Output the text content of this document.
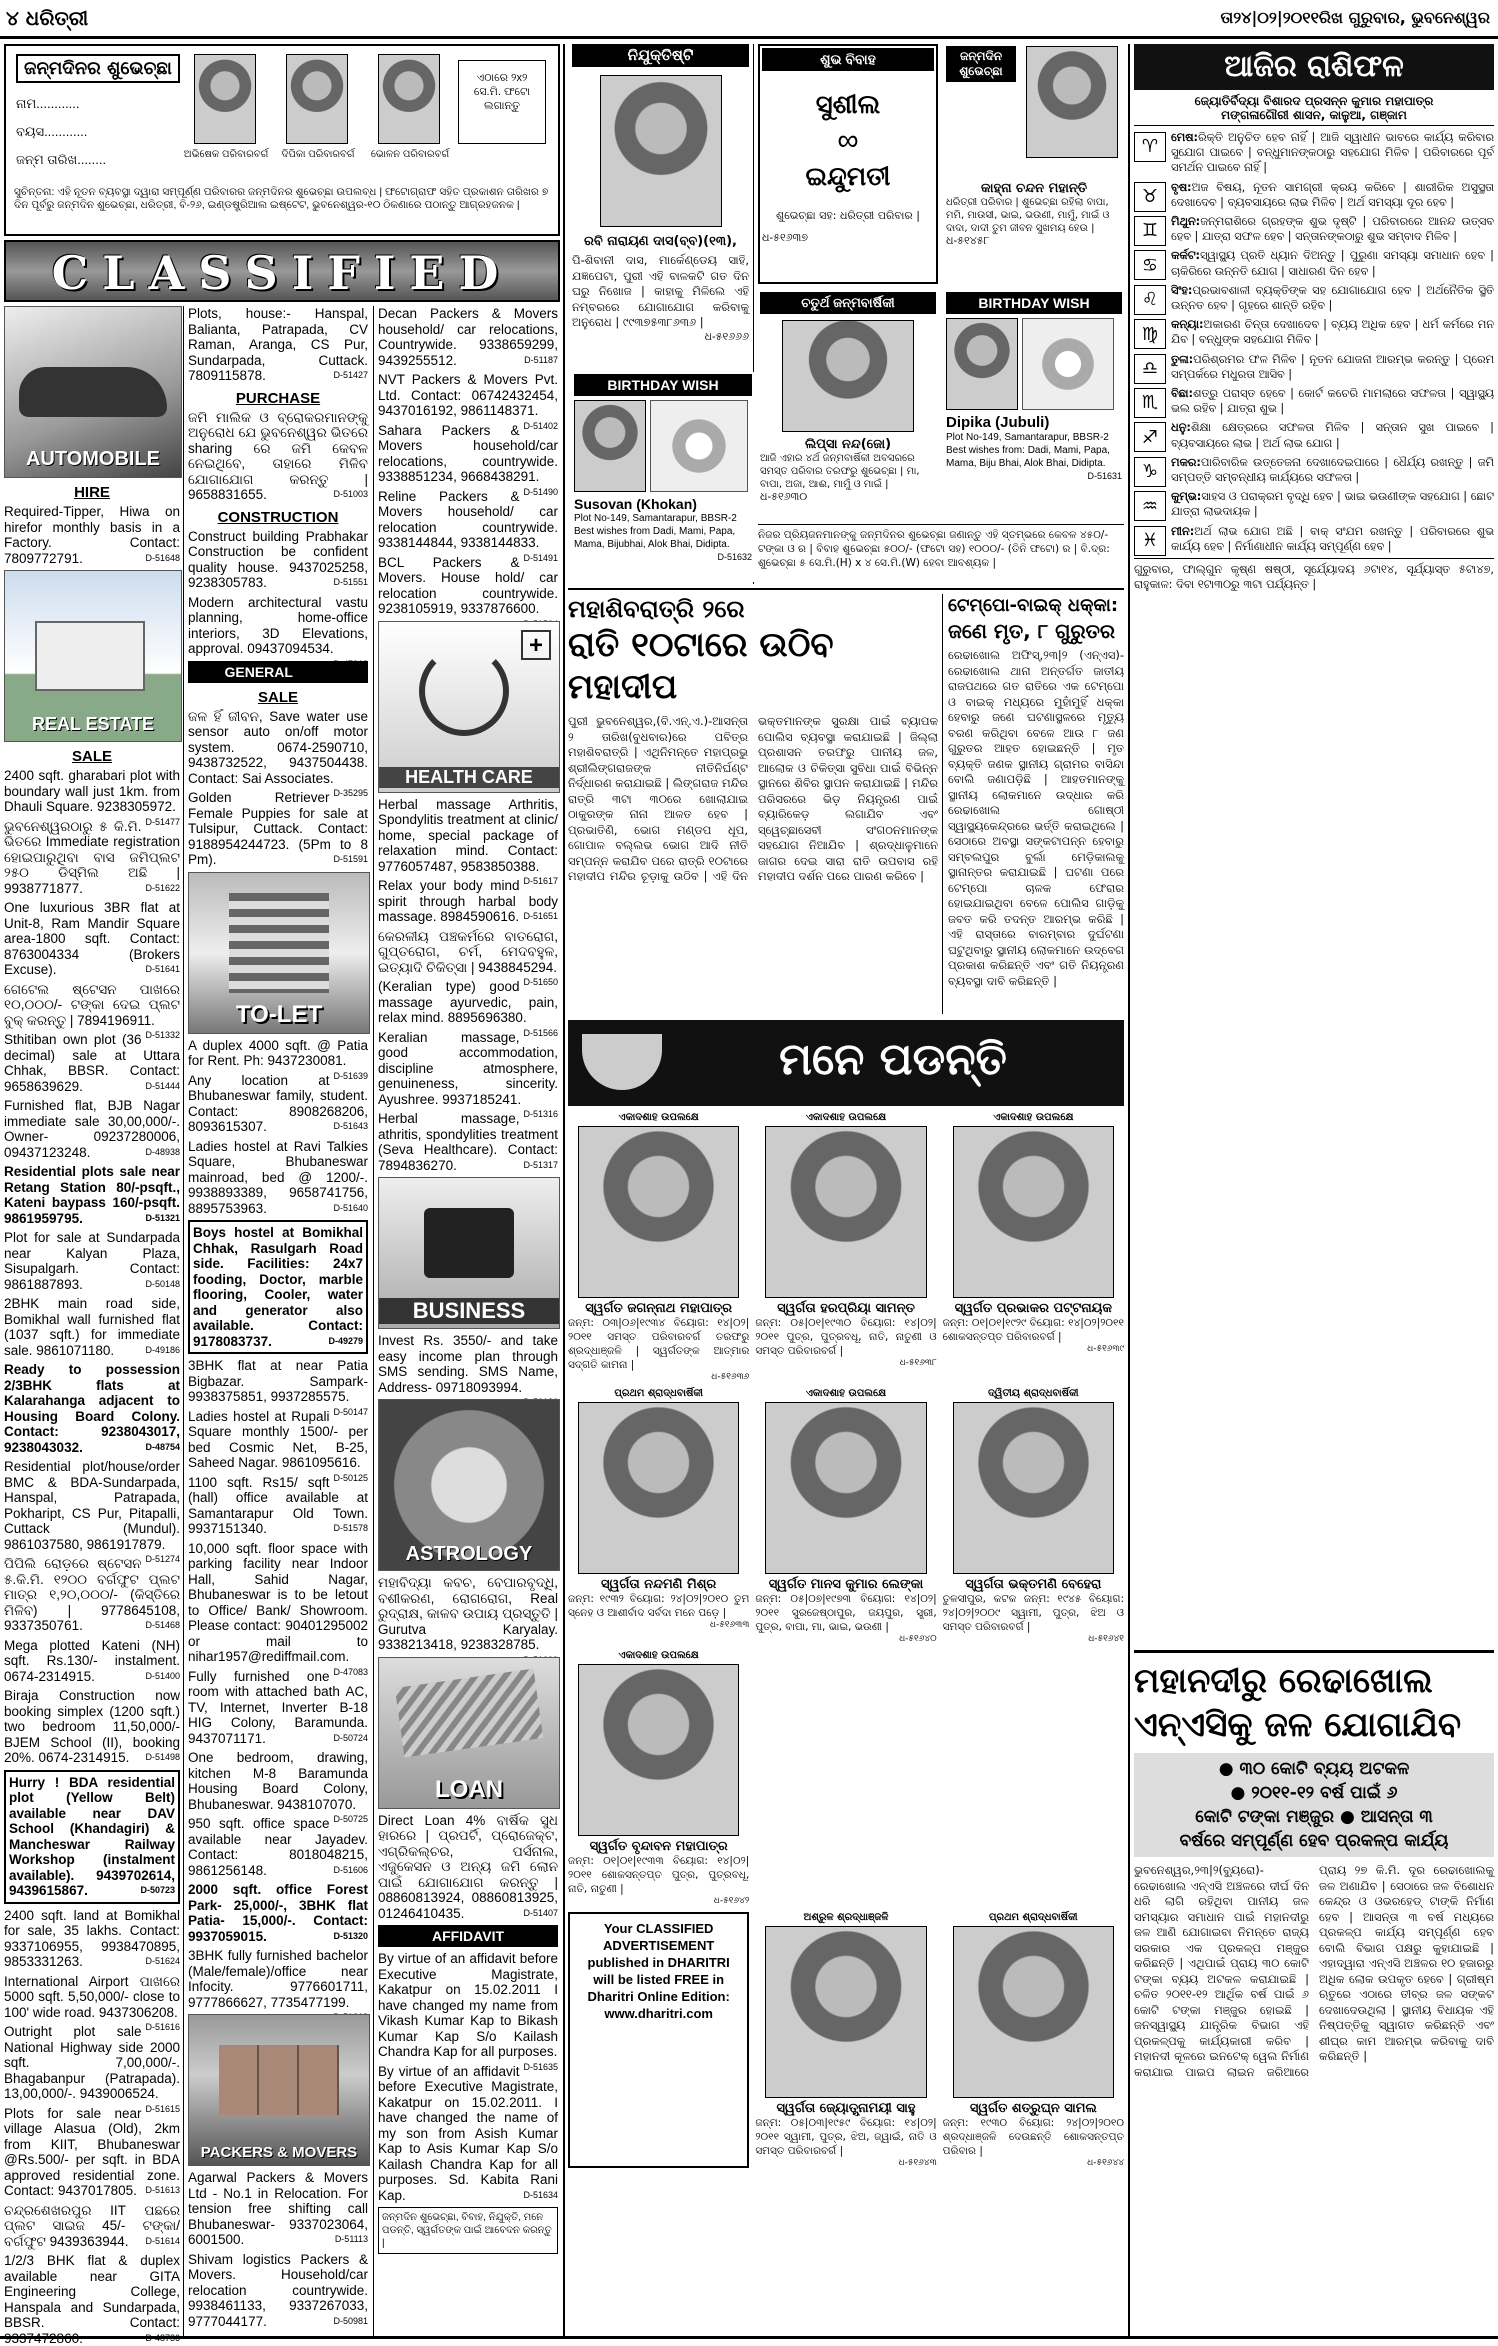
୪ ଧରିତ୍ରୀ	ତା୨୪|୦୨|୨୦୧୧ରିଖ ଗୁରୁବାର, ଭୁବନେଶ୍ୱର
ଜନ୍ମଦିନର ଶୁଭେଚ୍ଛା
ନାମ............
ବୟସ............
ଜନ୍ମ ତାରିଖ........	ଅଭିଷେକ ପରିବାରବର୍ଗ	ଦିପିକା ପରିବାରବର୍ଗ	ଭୋଳନ ପରିବାରବର୍ଗ
ଏଠାରେ ୨x୨ ସେ.ମି. ଫଟୋ ଲଗାନ୍ତୁ
ସୁଚିନ୍ତନା: ଏହି ନୂତନ ବ୍ୟବସ୍ଥା ଦ୍ୱାରା ସମ୍ପୂର୍ଣ୍ଣ ପରିବାରର ଜନ୍ମଦିନର ଶୁଭେଚ୍ଛା ଉପଲବ୍ଧ | ଫଟୋଗ୍ରାଫ ସହିତ ପ୍ରକାଶନ ତାରିଖର ୭ ଦିନ ପୂର୍ବରୁ ଜନ୍ମଦିନ ଶୁଭେଚ୍ଛା, ଧରିତ୍ରୀ, ବି-୨୬, ଇଣ୍ଡଷ୍ଟ୍ରିଆଲ ଇଷ୍ଟେଟ, ଭୁବନେଶ୍ୱର-୧୦ ଠିକଣାରେ ପଠାନ୍ତୁ ଆଗ୍ରହଜନକ |
CLASSIFIED
AUTOMOBILE
HIRE
Required-Tipper, Hiwa on hirefor monthly basis in a Factory. Contact: 7809772791.	D-51648
REAL ESTATE
SALE
2400 sqft. gharabari plot with boundary wall just 1km. from Dhauli Square. 9238305972.
D-51477
ଭୁବନେଶ୍ୱରଠାରୁ ୫ କି.ମି. ଭିତରେ Immediate registration ହୋଇପାରୁଥିବା ବାସ ଜମିପ୍ଲଟ ୨୫୦ ଡିସ୍ମିଲ ଅଛି | 9938771877.	D-51622
One luxurious 3BR flat at Unit-8, Ram Mandir Square area-1800 sqft. Contact: 8763004334 (Brokers Excuse).	D-51641
ଗେଟେଲ ଷ୍ଟେସନ ପାଖରେ ୧୦,୦୦୦/- ଟଙ୍କା ଦେଇ ପ୍ଲଟ ବୁକ୍ କରନ୍ତୁ | 7894196911.
D-51332
Sthitiban own plot (36 decimal) sale at Uttara Chhak, BBSR. Contact: 9658639629.	D-51444
Furnished flat, BJB Nagar immediate sale 30,00,000/-. Owner- 09237280006, 09437123248.	D-48938
Residential plots sale near Retang Station 80/-psqft., Kateni baypass 160/-psqft. 9861959795.	D-51321
Plot for sale at Sundarpada near Kalyan Plaza, Sisupalgarh. Contact: 9861887893.	D-50148
2BHK main road side, Bomikhal wall furnished flat (1037 sqft.) for immediate sale. 9861071180.	D-49186
Ready to possession 2/3BHK flats at Kalarahanga adjacent to Housing Board Colony. Contact: 9238043017, 9238043032.	D-48754
Residential plot/house/order BMC & BDA-Sundarpada, Hanspal, Patrapada, Pokhaript, CS Pur, Pitapalli, Cuttack (Mundul). 9861037580, 9861917879.
D-51274
ପିପିଲି ରୋଡ଼ରେ ଷ୍ଟେସନ ୫.କି.ମି. ୧୨୦୦ ବର୍ଗଫୁଟ ପ୍ଲଟ ମାତ୍ର ୧,୨୦,୦୦୦/- (କିସ୍ତିରେ ମିଳିବ) | 9778645108, 9337350761.	D-51468
Mega plotted Kateni (NH) sqft. Rs.130/- instalment. 0674-2314915.	D-51400
Biraja Construction now booking simplex (1200 sqft.) two bedroom 11,50,000/- BJEM School (II), booking 20%. 0674-2314915. D-51498
Hurry ! BDA residential plot (Yellow Belt) available near DAV School (Khandagiri) & Mancheswar Railway Workshop (instalment available). 9439702614, 9439615867.	D-50723
2400 sqft. land at Bomikhal for sale, 35 lakhs. Contact: 9337106955, 9938470895, 9853331263.	D-51624
International Airport ପାଖରେ 5000 sqft. 5,50,000/- close to 100' wide road. 9437306208.
D-51616
Outright plot sale National Highway side 2000 sqft. 7,00,000/-. Bhagabanpur (Patrapada). 13,00,000/-. 9439006524.
D-51615
Plots for sale near village Alasua (Old), 2km from KIIT, Bhubaneswar @Rs.500/- per sqft. in BDA approved residential zone. Contact: 9437017805. D-51613
ଚନ୍ଦ୍ରଶେଖରପୁର IIT ପଛରେ ପ୍ଲଟ ସାଇଜ 45/- ଟଙ୍କା/ବର୍ଗଫୁଟ 9439363944. D-51614
1/2/3 BHK flat & duplex available near GITA Engineering College, Hanspala and Sundarpada, BBSR. Contact:
Plots, house:- Hanspal, Balianta, Patrapada, CV Raman, Aranga, CS Pur, Sundarpada, Cuttack. 7809115878.	D-51427
PURCHASE
ଜମି ମାଲିକ ଓ ବ୍ରୋକରମାନଙ୍କୁ ଅନୁରୋଧ ଯେ ଭୁବନେଶ୍ୱର ଭିତରେ sharing ରେ ଜମି କେବଳ ନେଇଥିବେ, ତାହାରେ ମିଳିବ ଯୋଗାଯୋଗ କରନ୍ତୁ | 9658831655.	D-51003
CONSTRUCTION
Construct building Prabhakar Construction be confident quality house. 9437025258, 9238305783.	D-51551
Modern architectural vastu planning, home-office interiors, 3D Elevations, approval. 09437094534.
D-47313
GENERAL
SALE
ଜଳ ହିଁ ଜୀବନ, Save water use sensor auto on/off motor system. 0674-2590710, 9438732522, 9437504438. Contact: Sai Associates.
D-35295
Golden Retriever Female Puppies for sale at Tulsipur, Cuttack. Contact: 9188954244723. (5Pm to 8 Pm).	D-51591
TO-LET
A duplex 4000 sqft. @ Patia for Rent. Ph: 9437230081.
D-51639
Any location at Bhubaneswar family, student. Contact: 8908268206, 8093615307.	D-51643
Ladies hostel at Ravi Talkies Square, Bhubaneswar mainroad, bed @ 1200/-. 9938893389, 9658741756, 8895753963.	D-51640
Boys hostel at Bomikhal Chhak, Rasulgarh Road side. Facilities: 24x7 fooding, Doctor, marble flooring, Cooler, water and generator also available. Contact: 9178083737.	D-49279
3BHK flat at near Patia Bigbazar. Sampark- 9938375851, 9937285575.
D-50147
Ladies hostel at Rupali Square monthly 1500/- per bed Cosmic Net, B-25, Saheed Nagar. 9861095616.
D-50125
1100 sqft. Rs15/ sqft (hall) office available at Samantarapur Old Town. 9937151340.	D-51578
10,000 sqft. floor space with parking facility near Indoor Hall, Sahid Nagar, Bhubaneswar is to be letout to Office/ Bank/ Showroom. Please contact: 90401295002 or mail to nihar1957@rediffmail.com.
D-47083
Fully furnished one room with attached bath AC, TV, Internet, Inverter B-18 HIG Colony, Baramunda. 9437071171.	D-50724
One bedroom, drawing, kitchen M-8 Baramunda Housing Board Colony, Bhubaneswar. 9438107070.
D-50725
950 sqft. office space available near Jayadev. Contact: 8018048215, 9861256148.	D-51606
2000 sqft. office Forest Park- 25,000/-, 3BHK flat Patia- 15,000/-. Contact: 9937059015.	D-51320
3BHK fully furnished bachelor (Male/female)/office near Infocity. 9776601711, 9777866627, 7735477199.
PACKERS & MOVERS
Agarwal Packers & Movers Ltd - No.1 in Relocation. For tension free shifting call Bhubaneswar- 9337023064, 6001500.	D-51113
Shivam logistics Packers & Movers. Household/car relocation countrywide. 9938461133, 9337267033, 9777044177.	D-50981
Decan Packers & Movers household/ car relocations, Countrywide. 9338659299, 9439255512.	D-51187
NVT Packers & Movers Pvt. Ltd. Contact: 06742432454, 9437016192, 9861148371.
D-51402
Sahara Packers & Movers household/car relocations, countrywide. 9338851234, 9668438291.
D-51490
Reline Packers & Movers household/ car relocation countrywide. 9338144844, 9338144833.
D-51491
BCL Packers & Movers. House hold/ car relocation countrywide. 9238105919, 9337876600.
+
HEALTH CARE
Herbal massage Arthritis, Spondylitis treatment at clinic/ home, special package of relaxation mind. Contact: 9776057487, 9583850388.
D-51617
Relax your body mind spirit through harbal body massage. 8984590616. D-51651
କେରଳୀୟ ପଞ୍ଚକର୍ମରେ ବାତରୋଗ, ଗୁପ୍ତରୋଗ, ଚର୍ମ, ମେଦବହୁଳ, ଇତ୍ୟାଦି ଚିକିତ୍ସା | 9438845294.
D-51650
(Keralian type) good massage ayurvedic, pain, relax mind. 8895696380.
D-51566
Keralian massage, good accommodation, discipline atmosphere, genuineness, sincerity. Ayushree. 9937185241.
D-51316
Herbal massage, athritis, spondylities treatment (Seva Healthcare). Contact: 7894836270.	D-51317
BUSINESS
Invest Rs. 3550/- and take easy income plan through SMS sending. SMS Name, Address- 09718093994.
ASTROLOGY
ମହାବିଦ୍ୟା କବଚ, ବେପାରବୃଦ୍ଧି, ବଶୀକରଣ, ରୋଗରୋଗ, Real ରୁଦ୍ରାକ୍ଷ, କାଳବ ଉପାୟ ପ୍ରସ୍ତୁତି | Gurutva Karyalay. 9338213418, 9238328785.
LOAN
Direct Loan 4% ବାର୍ଷିକ ସୁଧ ହାରରେ | ପ୍ରପର୍ଟି, ପ୍ରୋଜେକ୍ଟ, ଏଗ୍ରିକଲ୍ଚର, ପର୍ସନାଲ, ଏଜୁକେସନ ଓ ଅନ୍ୟ ଜମି ଲୋନ ପାଇଁ ଯୋଗାଯୋଗ କରନ୍ତୁ | 08860813924, 08860813925, 01246410435.	D-51407
AFFIDAVIT
By virtue of an affidavit before Executive Magistrate, Kakatpur on 15.02.2011 I have changed my name from Vikash Kumar Kap to Bikash Kumar Kap S/o Kailash Chandra Kap for all purposes.
D-51635
By virtue of an affidavit before Executive Magistrate, Kakatpur on 15.02.2011. I have changed the name of my son from Asish Kumar Kap to Asis Kumar Kap S/o Kailash Chandra Kap for all purposes. Sd. Kabita Rani Kap.	D-51634
ଜନ୍ମଦିନ ଶୁଭେଚ୍ଛା, ବିବାହ, ନିଯୁକ୍ତି, ମନେ ପଡନ୍ତି, ସ୍ୱର୍ଗତଙ୍କ ପାଇଁ ଆବେଦନ କରନ୍ତୁ |
ନିଯୁକ୍ତିଷ୍ଟି
ରବି ନାରାୟଣ ଦାସ(ବ୍ବ)(୧୩),
ପି-ଶିବାନୀ ଦାସ, ମାର୍କେଣ୍ଡେୟ ସାହି, ଯଜ୍ଞପେଟା, ପୁରୀ ଏହି ବାଳକଟି ଗତ ଦିନ ଘରୁ ନିଖୋଜ | କାହାକୁ ମିଳିଲେ ଏହି ନମ୍ବରରେ ଯୋଗାଯୋଗ କରିବାକୁ ଅନୁରୋଧ | ୯୯୩୭୫୩୮୬୩୬ |
ଧ-୫୧୬୬୬
ଶୁଭ ବିବାହ
ସୁଶୀଲ
∞
ଇନ୍ଦୁମତୀ
ଶୁଭେଚ୍ଛା ସହ: ଧରିତ୍ରୀ ପରିବାର |
ଧ-୫୧୬୩୭
ଜନ୍ମଦିନ ଶୁଭେଚ୍ଛା
କାହ୍ନା ଚନ୍ଦନ ମହାନ୍ତି
ଧରିତ୍ରୀ ପରିବାର | ଶୁଭେଚ୍ଛା ରହିଲା ବାପା, ମମି, ମାଉସୀ, ଭାଇ, ଭଉଣୀ, ମାମୁଁ, ମାଇଁ ଓ ଦାଦା, ଦାଦୀ ତୁମ ଜୀବନ ସୁଖମୟ ହେଉ |
ଧ-୫୧୪୫୮
ଚତୁର୍ଥ ଜନ୍ମବାର୍ଷିକୀ
ଲିପ୍‌ସା ନନ୍ଦ(ଜୋ)
ଆଜି ଏହାର ୪ର୍ଥ ଜନ୍ମବାର୍ଷିକୀ ଅବସରରେ ସମସ୍ତ ପରିବାର ତରଫରୁ ଶୁଭେଚ୍ଛା | ମା, ବାପା, ଅଜା, ଆଈ, ମାମୁଁ ଓ ମାଇଁ |
ଧ-୫୧୬୩୦
BIRTHDAY WISH
Dipika (Jubuli)
Plot No-149, Samantarapur, BBSR-2 Best wishes from: Dadi, Mami, Papa, Mama, Biju Bhai, Alok Bhai, Didipta.
D-51631
ନିଜର ପ୍ରିୟଜନମାନଙ୍କୁ ଜନ୍ମଦିନର ଶୁଭେଚ୍ଛା ଜଣାନ୍ତୁ ଏହି ସ୍ତମ୍ଭରେ କେବଳ ୪୫୦/- ଟଙ୍କା ଓ ର | ବିବାହ ଶୁଭେଚ୍ଛା ୫୦୦/- (ଫଟୋ ସହ) ୧୦୦୦/- (ତିନି ଫଟୋ) ର | ବି.ଦ୍ର: ଶୁଭେଚ୍ଛା ୫ ସେ.ମି.(H) x ୪ ସେ.ମି.(W) ହେବା ଆବଶ୍ୟକ |
BIRTHDAY WISH
Susovan (Khokan)
Plot No-149, Samantarapur, BBSR-2 Best wishes from Dadi, Mami, Papa, Mama, Bijubhai, Alok Bhai, Didipta.
D-51632
ମହାଶିବରାତ୍ରି ୨ରେ
ରାତି ୧୦ଟାରେ ଉଠିବ ମହାଦୀପ
ପୁରୀ ଭୁବନେଶ୍ୱର,(ବି.ଏନ୍.ଏ.)-ଆସନ୍ତା ୨ ତାରିଖ(ବୁଧବାର)ରେ ପବିତ୍ର ମହାଶିବରାତ୍ରି | ଏଥିନିମନ୍ତେ ମହାପ୍ରଭୁ ଶ୍ରୀଲିଙ୍ଗରାଜଙ୍କ ନୀତିନିର୍ଘଣ୍ଟ ନିର୍ଦ୍ଧାରଣ କରାଯାଇଛି | ଲିଙ୍ଗରାଜ ମନ୍ଦିର ରାତ୍ରି ୩ଟା ୩୦ରେ ଖୋଲାଯାଇ ଠାକୁରଙ୍କ ନାନା ଆଳତ ହେବ | ପ୍ରଭାତିଣି, ଭୋଗ ମଣ୍ଡପ ଧୂପ, ଗୋପାଳ ବଲ୍ଲଭ ଭୋଗ ଆଦି ନୀତି ସମ୍ପନ୍ନ କରାଯିବ ପରେ ରାତ୍ରି ୧୦ଟାରେ ମହାଦୀପ ମନ୍ଦିର ଚୂଡ଼ାକୁ ଉଠିବ | ଏହି ଦିନ ଭକ୍ତମାନଙ୍କ ସୁରକ୍ଷା ପାଇଁ ବ୍ୟାପକ ପୋଲିସ ବ୍ୟବସ୍ଥା କରାଯାଇଛି | ଜିଲ୍ଲା ପ୍ରଶାସନ ତରଫରୁ ପାନୀୟ ଜଳ, ଆଲୋକ ଓ ଚିକିତ୍ସା ସୁବିଧା ପାଇଁ ବିଭିନ୍ନ ସ୍ଥାନରେ ଶିବିର ସ୍ଥାପନ କରାଯାଇଛି | ମନ୍ଦିର ପରିସରରେ ଭିଡ଼ ନିୟନ୍ତ୍ରଣ ପାଇଁ ବ୍ୟାରିକେଡ଼ ଲଗାଯିବ ଏବଂ ସ୍ୱେଚ୍ଛାସେବୀ ସଂଗଠନମାନଙ୍କ ସହଯୋଗ ନିଆଯିବ | ଶ୍ରଦ୍ଧାଳୁମାନେ ଜାଗର ଦେଇ ସାରା ରାତି ଉପବାସ ରହି ମହାଦୀପ ଦର୍ଶନ ପରେ ପାରଣ କରିବେ |
ଟେମ୍ପୋ-ବାଇକ୍ ଧକ୍କା:
ଜଣେ ମୃତ, ୮ ଗୁରୁତର
ରେଢାଖୋଲ ଅଫିସ୍,୨୩|୨ (ଏନ୍ଏସ)-ରେଢାଖୋଲ ଥାନା ଅନ୍ତର୍ଗତ ଜାତୀୟ ରାଜପଥରେ ଗତ ରାତିରେ ଏକ ଟେମ୍ପୋ ଓ ବାଇକ୍ ମଧ୍ୟରେ ମୁହାଁମୁହିଁ ଧକ୍କା ହେବାରୁ ଜଣେ ଘଟଣାସ୍ଥଳରେ ମୃତ୍ୟୁ ବରଣ କରିଥିବା ବେଳେ ଆଉ ୮ ଜଣ ଗୁରୁତର ଆହତ ହୋଇଛନ୍ତି | ମୃତ ବ୍ୟକ୍ତି ଜଣକ ସ୍ଥାନୀୟ ଗ୍ରାମର ବାସିନ୍ଦା ବୋଲି ଜଣାପଡ଼ିଛି | ଆହତମାନଙ୍କୁ ସ୍ଥାନୀୟ ଲୋକମାନେ ଉଦ୍ଧାର କରି ରେଢାଖୋଲ ଗୋଷ୍ଠୀ ସ୍ୱାସ୍ଥ୍ୟକେନ୍ଦ୍ରରେ ଭର୍ତ୍ତି କରାଇଥିଲେ | ସେଠାରେ ଅବସ୍ଥା ସଙ୍କଟାପନ୍ନ ହେବାରୁ ସମ୍ବଲପୁର ବୁର୍ଲା ମେଡ଼ିକାଲକୁ ସ୍ଥାନାନ୍ତର କରାଯାଇଛି | ଘଟଣା ପରେ ଟେମ୍ପୋ ଚାଳକ ଫେରାର ହୋଇଯାଇଥିବା ବେଳେ ପୋଲିସ ଗାଡ଼ିକୁ ଜବତ କରି ତଦନ୍ତ ଆରମ୍ଭ କରିଛି | ଏହି ରାସ୍ତାରେ ବାରମ୍ବାର ଦୁର୍ଘଟଣା ଘଟୁଥିବାରୁ ସ୍ଥାନୀୟ ଲୋକମାନେ ଉଦ୍‌ବେଗ ପ୍ରକାଶ କରିଛନ୍ତି ଏବଂ ଗତି ନିୟନ୍ତ୍ରଣ ବ୍ୟବସ୍ଥା ଦାବି କରିଛନ୍ତି |
ମନେ ପଡନ୍ତି
ଏକାଦଶାହ ଉପଲକ୍ଷେ
ସ୍ୱର୍ଗତ ଜଗନ୍ନାଥ ମହାପାତ୍ର
ଜନ୍ମ: ୦୩|୦୬|୧୯୩୪ ବିୟୋଗ: ୧୪|୦୨|୨୦୧୧ ସମସ୍ତ ପରିବାରବର୍ଗ ତରଫରୁ ଶ୍ରଦ୍ଧାଞ୍ଜଳି | ସ୍ୱର୍ଗତଙ୍କ ଆତ୍ମାର ସଦ୍‌ଗତି କାମନା |
ଧ-୫୧୬୩୬
ଏକାଦଶାହ ଉପଲକ୍ଷେ
ସ୍ୱର୍ଗତା ହରପ୍ରିୟା ସାମନ୍ତ
ଜନ୍ମ: ୦୫|୦୧|୧୯୩୦ ବିୟୋଗ: ୧୪|୦୨|୨୦୧୧ ପୁତ୍ର, ପୁତ୍ରବଧୂ, ନାତି, ନାତୁଣୀ ଓ ସମସ୍ତ ପରିବାରବର୍ଗ |
ଧ-୫୧୬୩୮
ଏକାଦଶାହ ଉପଲକ୍ଷେ
ସ୍ୱର୍ଗତ ପ୍ରଭାକର ପଟ୍ଟନାୟକ
ଜନ୍ମ: ୦୧|୦୧|୧୯୨୯ ବିୟୋଗ: ୧୪|୦୨|୨୦୧୧ ଶୋକସନ୍ତପ୍ତ ପରିବାରବର୍ଗ |
ଧ-୫୧୬୩୯
ପ୍ରଥମ ଶ୍ରାଦ୍ଧବାର୍ଷିକୀ
ସ୍ୱର୍ଗତା ନନ୍ଦମଣି ମିଶ୍ର
ଜନ୍ମ: ୧୯୩୨ ବିୟୋଗ: ୨୪|୦୨|୨୦୧୦ ତୁମ ସ୍ନେହ ଓ ଆଶୀର୍ବାଦ ସର୍ବଦା ମନେ ପଡ଼େ |
ଧ-୫୧୬୩୩
ଏକାଦଶାହ ଉପଲକ୍ଷେ
ସ୍ୱର୍ଗତ ମାନସ କୁମାର ଲେଙ୍କା
ଜନ୍ମ: ୦୫|୦୭|୧୯୭୩ ବିୟୋଗ: ୧୪|୦୨|୨୦୧୧ ସୁରଜେଷ୍ଠାପୁର, ଜୟପୁର, ସ୍ତ୍ରୀ, ପୁତ୍ର, ବାପା, ମା, ଭାଇ, ଭଉଣୀ |
ଧ-୫୧୬୪୦
ଦ୍ୱିତୀୟ ଶ୍ରାଦ୍ଧବାର୍ଷିକୀ
ସ୍ୱର୍ଗତା ଭକ୍ତମଣି ବେହେରା
ତୁଳସୀପୁର, କଟକ ଜନ୍ମ: ୧୯୪୫ ବିୟୋଗ: ୨୪|୦୨|୨୦୦୯ ସ୍ୱାମୀ, ପୁତ୍ର, ଝିଅ ଓ ସମସ୍ତ ପରିବାରବର୍ଗ |
ଧ-୫୧୬୪୧
ଏକାଦଶାହ ଉପଲକ୍ଷେ
ସ୍ୱର୍ଗତ ବୃନ୍ଦାବନ ମହାପାତ୍ର
ଜନ୍ମ: ୦୧|୦୧|୧୯୩୩ ବିୟୋଗ: ୧୪|୦୨|୨୦୧୧ ଶୋକସନ୍ତପ୍ତ ପୁତ୍ର, ପୁତ୍ରବଧୂ, ନାତି, ନାତୁଣୀ |
ଧ-୫୧୬୪୨
Your CLASSIFIED ADVERTISEMENT published in DHARITRI will be listed FREE in Dharitri Online Edition: www.dharitri.com
ଅଶ୍ରୁଳ ଶ୍ରଦ୍ଧାଞ୍ଜଳି
ସ୍ୱର୍ଗତା ଜ୍ୟୋତ୍ସ୍ନାମୟୀ ସାହୁ
ଜନ୍ମ: ୦୫|୦୩|୧୯୫୯ ବିୟୋଗ: ୧୪|୦୨|୨୦୧୧ ସ୍ୱାମୀ, ପୁତ୍ର, ଝିଅ, ଜ୍ୱାଇଁ, ନାତି ଓ ସମସ୍ତ ପରିବାରବର୍ଗ |
ଧ-୫୧୬୪୩
ପ୍ରଥମ ଶ୍ରାଦ୍ଧବାର୍ଷିକୀ
ସ୍ୱର୍ଗତ ଶତ୍ରୁଘ୍ନ ସାମଲ
ଜନ୍ମ: ୧୯୩୦ ବିୟୋଗ: ୨୪|୦୨|୨୦୧୦ ଶ୍ରଦ୍ଧାଞ୍ଜଳି ଦେଉଛନ୍ତି ଶୋକସନ୍ତପ୍ତ ପରିବାର |
ଧ-୫୧୬୪୪
ଆଜିର ରାଶିଫଳ
ଜ୍ୟୋତିର୍ବିଦ୍ୟା ବିଶାରଦ ପ୍ରସନ୍ନ କୁମାର ମହାପାତ୍ର
ମଙ୍ଗଳାଗୌରୀ ଶାସନ, କାଳୁଆ, ଗଞ୍ଜାମ
♈	ମେଷ:ରିକ୍ତି ଅନୁଚିତ ହେବ ନାହିଁ | ଆଜି ସ୍ୱାଧୀନ ଭାବରେ କାର୍ଯ୍ୟ କରିବାର ସୁଯୋଗ ପାଇବେ | ବନ୍ଧୁମାନଙ୍କଠାରୁ ସହଯୋଗ ମିଳିବ | ପରିବାରରେ ପୂର୍ବ ସମର୍ଥନ ପାଇବେ ନାହିଁ |
♉	ବୃଷ:ଅଜ ବିଷୟ, ନୂତନ ସାମଗ୍ରୀ କ୍ରୟ କରିବେ | ଶାରୀରିକ ଅସୁସ୍ଥତା ଦେଖାଦେବ | ବ୍ୟବସାୟରେ ଲାଭ ମିଳିବ | ଅର୍ଥ ସମସ୍ୟା ଦୂର ହେବ |
♊	ମିଥୁନ:ଜନ୍ମରାଶିରେ ଗ୍ରହଙ୍କ ଶୁଭ ଦୃଷ୍ଟି | ପରିବାରରେ ଆନନ୍ଦ ଉତ୍ସବ ହେବ | ଯାତ୍ରା ସଫଳ ହେବ | ସନ୍ତାନଙ୍କଠାରୁ ଶୁଭ ସମ୍ବାଦ ମିଳିବ |
♋	କର୍କଟ:ସ୍ୱାସ୍ଥ୍ୟ ପ୍ରତି ଧ୍ୟାନ ଦିଅନ୍ତୁ | ପୁରୁଣା ସମସ୍ୟା ସମାଧାନ ହେବ | ଚାକିରିରେ ଉନ୍ନତି ଯୋଗ | ସାଧାରଣ ଦିନ ହେବ |
♌	ସିଂହ:ପ୍ରଭାବଶାଳୀ ବ୍ୟକ୍ତିଙ୍କ ସହ ଯୋଗାଯୋଗ ହେବ | ଅର୍ଥନୈତିକ ସ୍ଥିତି ଉନ୍ନତ ହେବ | ଗୃହରେ ଶାନ୍ତି ରହିବ |
♍	କନ୍ୟା:ଅକାରଣ ଚିନ୍ତା ଦେଖାଦେବ | ବ୍ୟୟ ଅଧିକ ହେବ | ଧର୍ମ କର୍ମରେ ମନ ଯିବ | ବନ୍ଧୁଙ୍କ ସହଯୋଗ ମିଳିବ |
♎	ତୁଳା:ପରିଶ୍ରମର ଫଳ ମିଳିବ | ନୂତନ ଯୋଜନା ଆରମ୍ଭ କରନ୍ତୁ | ପ୍ରେମ ସମ୍ପର୍କରେ ମଧୁରତା ଆସିବ |
♏	ବିଛା:ଶତ୍ରୁ ପରାସ୍ତ ହେବେ | କୋର୍ଟ କଚେରି ମାମଲାରେ ସଫଳତା | ସ୍ୱାସ୍ଥ୍ୟ ଭଲ ରହିବ | ଯାତ୍ରା ଶୁଭ |
♐	ଧନୁ:ଶିକ୍ଷା କ୍ଷେତ୍ରରେ ସଫଳତା ମିଳିବ | ସନ୍ତାନ ସୁଖ ପାଇବେ | ବ୍ୟବସାୟରେ ଲାଭ | ଅର୍ଥ ଲାଭ ଯୋଗ |
♑	ମକର:ପାରିବାରିକ ଉତ୍ତେଜନା ଦେଖାଦେଇପାରେ | ଧୈର୍ଯ୍ୟ ରଖନ୍ତୁ | ଜମି ସମ୍ପତ୍ତି ସମ୍ବନ୍ଧୀୟ କାର୍ଯ୍ୟରେ ସଫଳତା |
♒	କୁମ୍ଭ:ସାହସ ଓ ପରାକ୍ରମ ବୃଦ୍ଧି ହେବ | ଭାଇ ଭଉଣୀଙ୍କ ସହଯୋଗ | ଛୋଟ ଯାତ୍ରା ଲାଭଦାୟକ |
♓	ମୀନ:ଅର୍ଥ ଲାଭ ଯୋଗ ଅଛି | ବାକ୍ ସଂଯମ ରଖନ୍ତୁ | ପରିବାରରେ ଶୁଭ କାର୍ଯ୍ୟ ହେବ | ନିର୍ମାଣାଧୀନ କାର୍ଯ୍ୟ ସମ୍ପୂର୍ଣ୍ଣ ହେବ |
ଗୁରୁବାର, ଫାଲ୍‌ଗୁନ କୃଷ୍ଣ ଷଷ୍ଠୀ, ସୂର୍ଯ୍ୟୋଦୟ ୬ଟା୧୪, ସୂର୍ଯ୍ୟାସ୍ତ ୫ଟା୪୭, ରାହୁକାଳ: ଦିବା ୧ଟା୩୦ରୁ ୩ଟା ପର୍ଯ୍ୟନ୍ତ |
ମହାନଦୀରୁ ରେଢାଖୋଲ
ଏନ୍ଏସିକୁ ଜଳ ଯୋଗାଯିବ
● ୩୦ କୋଟି ବ୍ୟୟ ଅଟକଳ
● ୨୦୧୧-୧୨ ବର୍ଷ ପାଇଁ ୬
କୋଟି ଟଙ୍କା ମଞ୍ଜୁର ● ଆସନ୍ତା ୩
ବର୍ଷରେ ସମ୍ପୂର୍ଣ୍ଣ ହେବ ପ୍ରକଳ୍ପ କାର୍ଯ୍ୟ
ଭୁବନେଶ୍ୱର,୨୩|୨(ବ୍ୟୁରୋ)-ରେଢାଖୋଲ ଏନ୍ଏସି ଅଞ୍ଚଳରେ ଦୀର୍ଘ ଦିନ ଧରି ଲାଗି ରହିଥିବା ପାନୀୟ ଜଳ ସମସ୍ୟାର ସମାଧାନ ପାଇଁ ମହାନଦୀରୁ ଜଳ ଆଣି ଯୋଗାଇବା ନିମନ୍ତେ ରାଜ୍ୟ ସରକାର ଏକ ପ୍ରକଳ୍ପ ମଞ୍ଜୁର କରିଛନ୍ତି | ଏଥିପାଇଁ ପ୍ରାୟ ୩୦ କୋଟି ଟଙ୍କା ବ୍ୟୟ ଅଟକଳ କରାଯାଇଛି | ଚଳିତ ୨୦୧୧-୧୨ ଆର୍ଥିକ ବର୍ଷ ପାଇଁ ୬ କୋଟି ଟଙ୍କା ମଞ୍ଜୁର ହୋଇଛି | ଜନସ୍ୱାସ୍ଥ୍ୟ ଯାନ୍ତ୍ରିକ ବିଭାଗ ଏହି ପ୍ରକଳ୍ପକୁ କାର୍ଯ୍ୟକାରୀ କରିବ | ମହାନଦୀ କୂଳରେ ଇନଟେକ୍ ୱେଲ ନିର୍ମାଣ କରାଯାଇ ପାଇପ ଲାଇନ ଜରିଆରେ ପ୍ରାୟ ୨୭ କି.ମି. ଦୂର ରେଢାଖୋଲକୁ ଜଳ ଅଣାଯିବ | ସେଠାରେ ଜଳ ବିଶୋଧନ କେନ୍ଦ୍ର ଓ ଓଭରହେଡ୍ ଟାଙ୍କି ନିର୍ମାଣ ହେବ | ଆସନ୍ତା ୩ ବର୍ଷ ମଧ୍ୟରେ ପ୍ରକଳ୍ପ କାର୍ଯ୍ୟ ସମ୍ପୂର୍ଣ୍ଣ ହେବ ବୋଲି ବିଭାଗ ପକ୍ଷରୁ କୁହାଯାଇଛି | ଏହାଦ୍ୱାରା ଏନ୍ଏସି ଅଞ୍ଚଳର ୧୦ ହଜାରରୁ ଅଧିକ ଲୋକ ଉପକୃତ ହେବେ | ଗ୍ରୀଷ୍ମ ଋତୁରେ ଏଠାରେ ତୀବ୍ର ଜଳ ସଙ୍କଟ ଦେଖାଦେଉଥିଲା | ସ୍ଥାନୀୟ ବିଧାୟକ ଏହି ନିଷ୍ପତ୍ତିକୁ ସ୍ୱାଗତ କରିଛନ୍ତି ଏବଂ ଶୀଘ୍ର କାମ ଆରମ୍ଭ କରିବାକୁ ଦାବି କରିଛନ୍ତି |
